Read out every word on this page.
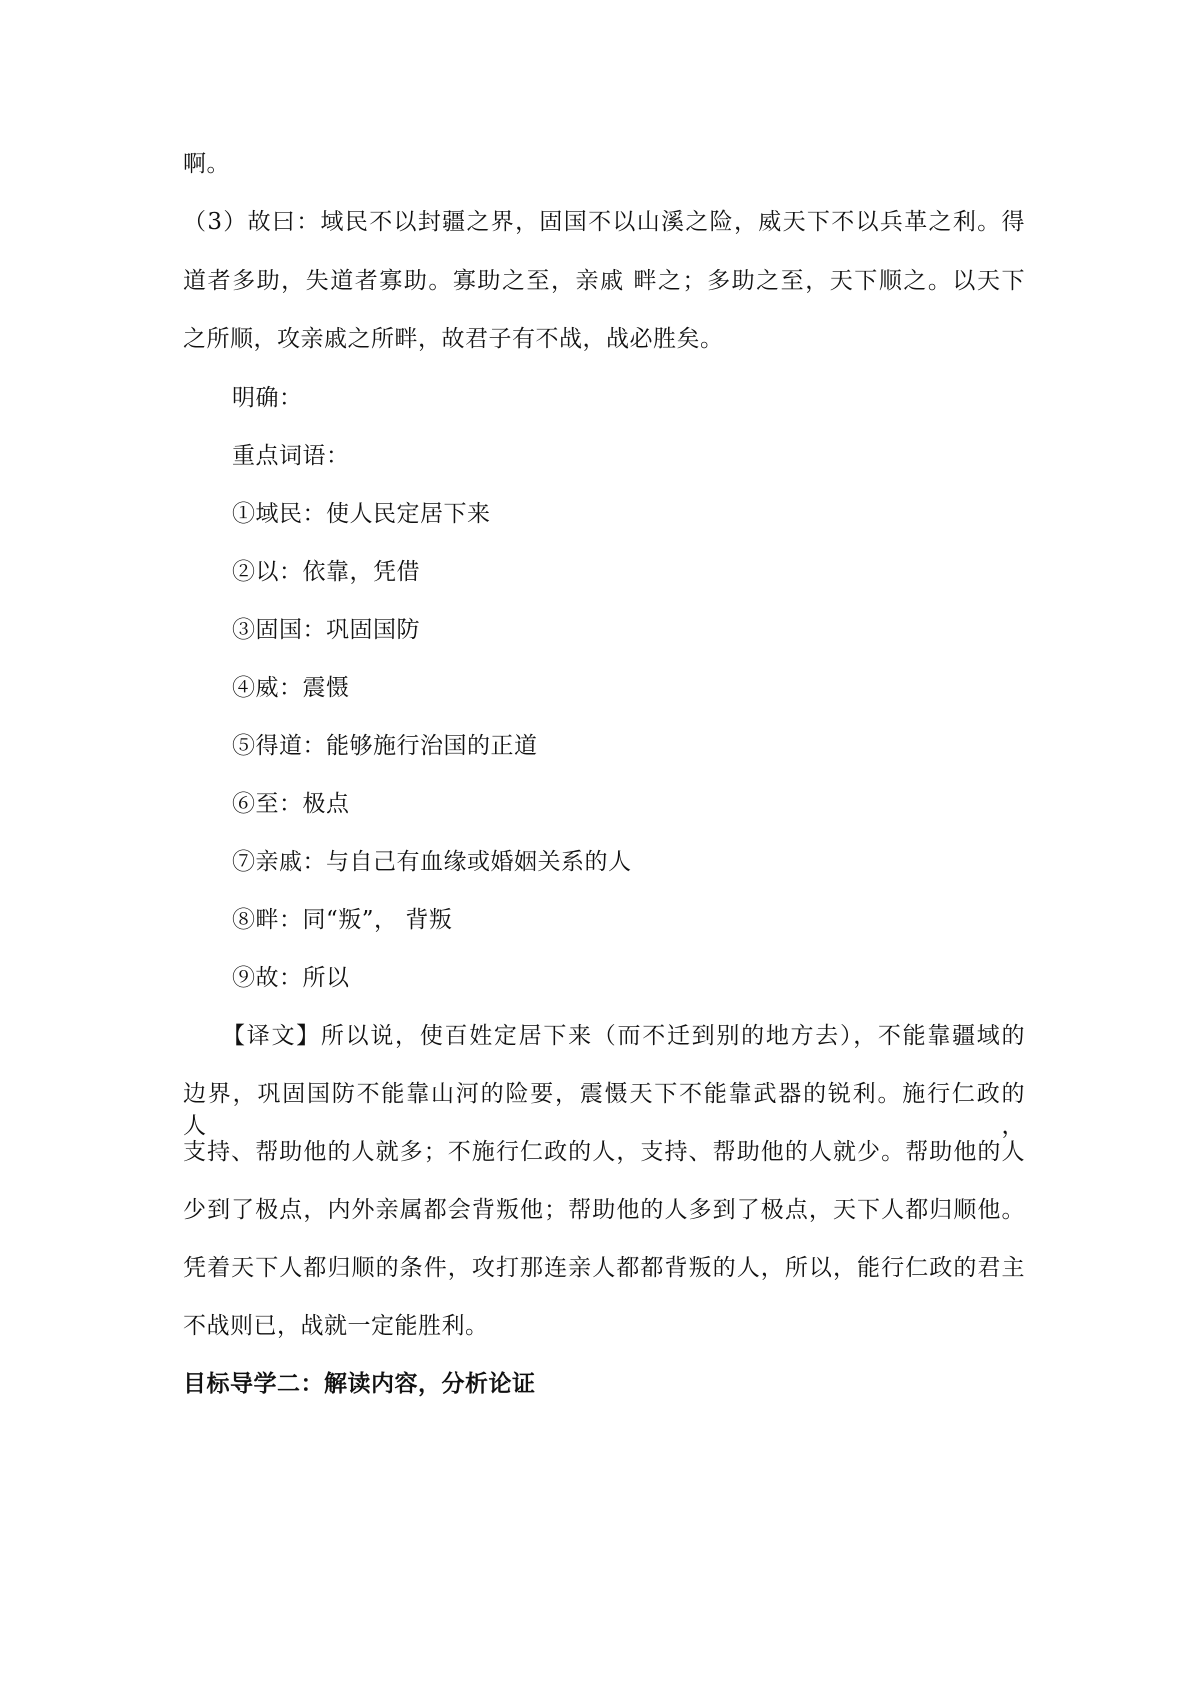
啊。
（3）故曰：域民不以封疆之界，固国不以山溪之险，威天下不以兵革之利。得
道者多助，失道者寡助。寡助之至，亲戚 畔之；多助之至，天下顺之。以天下
之所顺，攻亲戚之所畔，故君子有不战，战必胜矣。
明确：
重点词语：
①域民：使人民定居下来
②以：依靠，凭借
③固国：巩固国防
④威：震慑
⑤得道：能够施行治国的正道
⑥至：极点
⑦亲戚：与自己有血缘或婚姻关系的人
⑧畔：同“叛”， 背叛
⑨故：所以
【译文】所以说，使百姓定居下来（而不迁到别的地方去），不能靠疆域的
边界，巩固国防不能靠山河的险要，震慑天下不能靠武器的锐利。施行仁政的人，
支持、帮助他的人就多；不施行仁政的人，支持、帮助他的人就少。帮助他的人
少到了极点，内外亲属都会背叛他；帮助他的人多到了极点，天下人都归顺他。
凭着天下人都归顺的条件，攻打那连亲人都都背叛的人，所以，能行仁政的君主
不战则已，战就一定能胜利。
目标导学二：解读内容，分析论证
